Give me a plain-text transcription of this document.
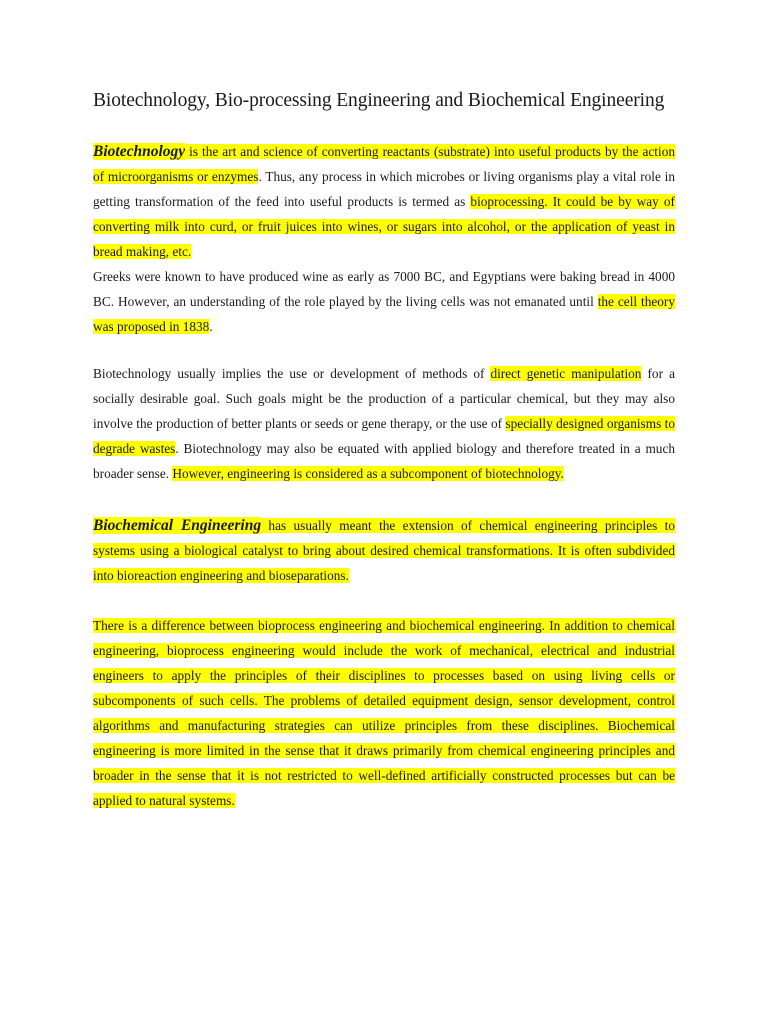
Biotechnology, Bio-processing Engineering and Biochemical Engineering

Biotechnology is the art and science of converting reactants (substrate) into useful products by the action of microorganisms or enzymes. Thus, any process in which microbes or living organisms play a vital role in getting transformation of the feed into useful products is termed as bioprocessing. It could be by way of converting milk into curd, or fruit juices into wines, or sugars into alcohol, or the application of yeast in bread making, etc.

Greeks were known to have produced wine as early as 7000 BC, and Egyptians were baking bread in 4000 BC. However, an understanding of the role played by the living cells was not emanated until the cell theory was proposed in 1838.

Biotechnology usually implies the use or development of methods of direct genetic manipulation for a socially desirable goal. Such goals might be the production of a particular chemical, but they may also involve the production of better plants or seeds or gene therapy, or the use of specially designed organisms to degrade wastes. Biotechnology may also be equated with applied biology and therefore treated in a much broader sense. However, engineering is considered as a subcomponent of biotechnology.

Biochemical Engineering has usually meant the extension of chemical engineering principles to systems using a biological catalyst to bring about desired chemical transformations. It is often subdivided into bioreaction engineering and bioseparations.

There is a difference between bioprocess engineering and biochemical engineering. In addition to chemical engineering, bioprocess engineering would include the work of mechanical, electrical and industrial engineers to apply the principles of their disciplines to processes based on using living cells or subcomponents of such cells. The problems of detailed equipment design, sensor development, control algorithms and manufacturing strategies can utilize principles from these disciplines. Biochemical engineering is more limited in the sense that it draws primarily from chemical engineering principles and broader in the sense that it is not restricted to well-defined artificially constructed processes but can be applied to natural systems.
